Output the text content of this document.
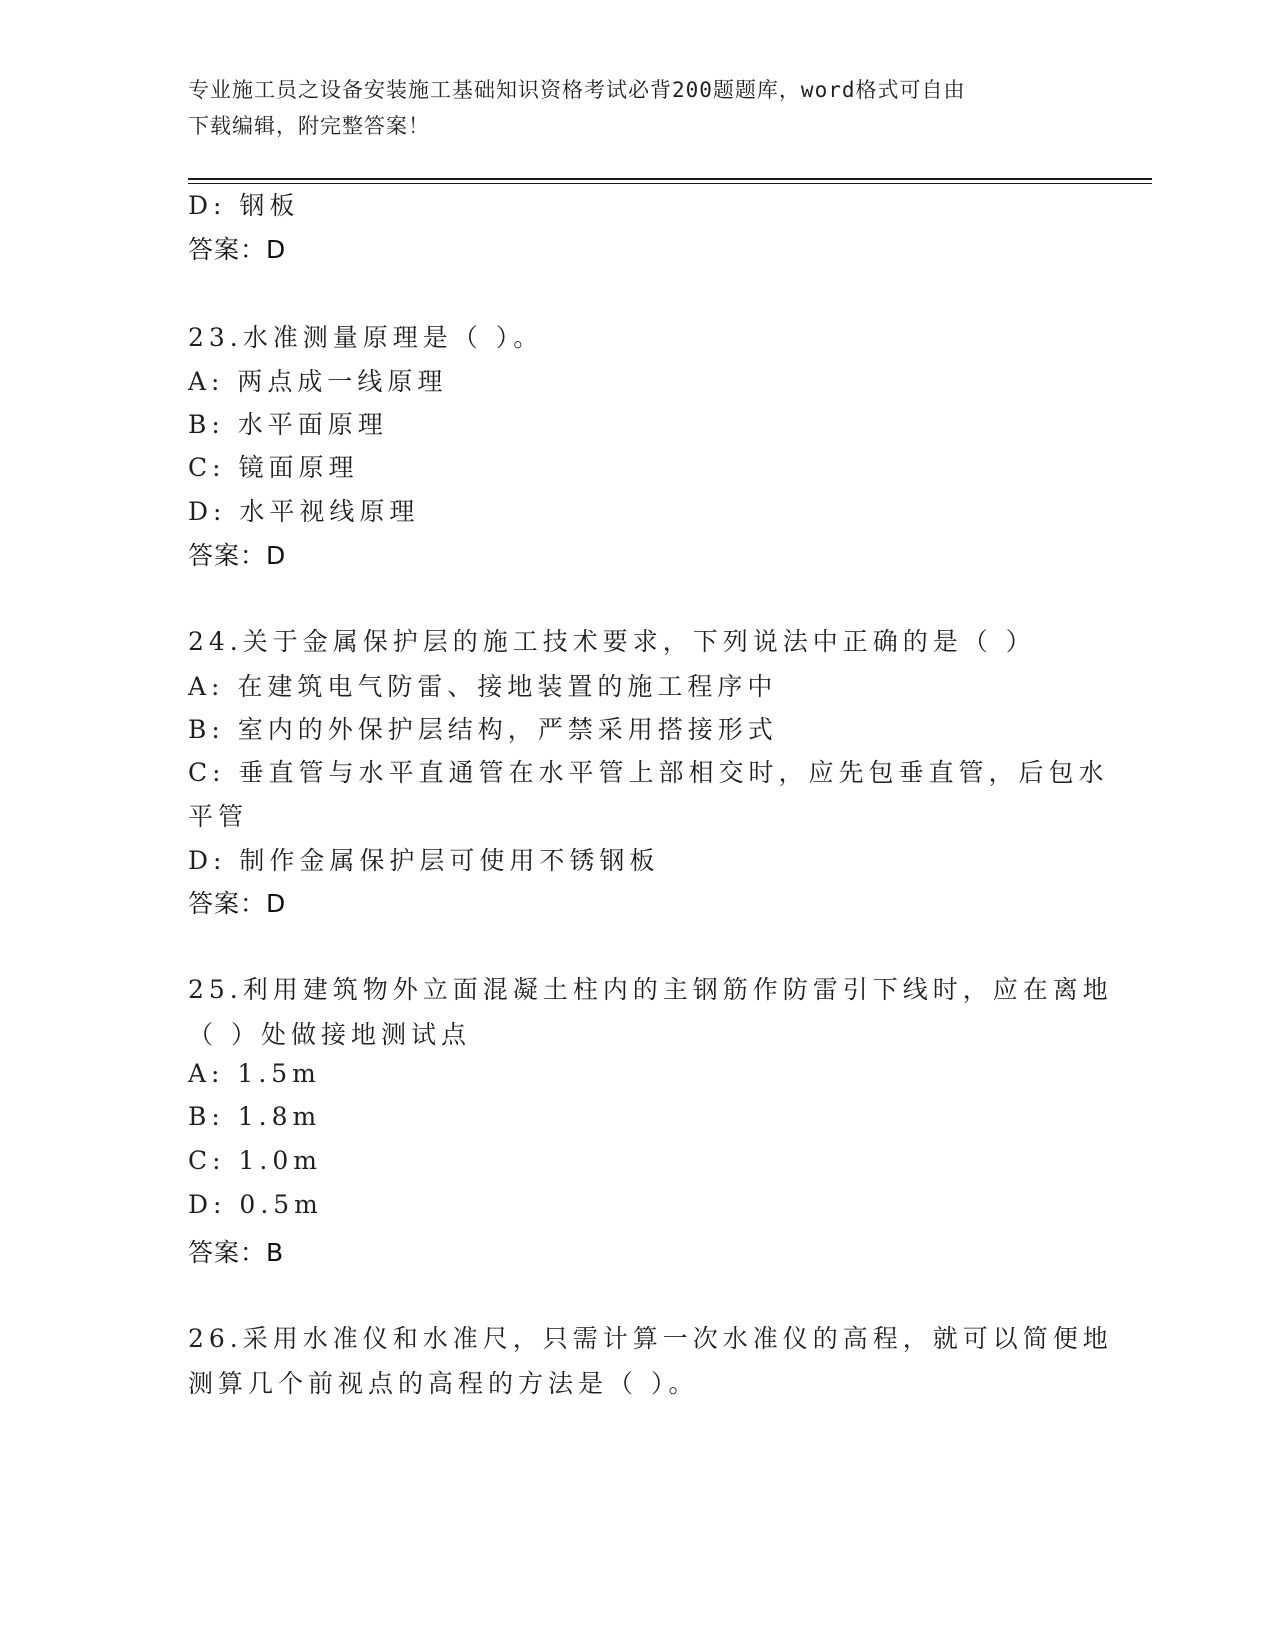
专业施工员之设备安装施工基础知识资格考试必背200题题库，word格式可自由
下载编辑，附完整答案！
D: 钢板
答案：D
23.水准测量原理是（ ）。
A: 两点成一线原理
B: 水平面原理
C: 镜面原理
D: 水平视线原理
答案：D
24.关于金属保护层的施工技术要求，下列说法中正确的是（ ）
A: 在建筑电气防雷、接地装置的施工程序中
B: 室内的外保护层结构，严禁采用搭接形式
C: 垂直管与水平直通管在水平管上部相交时，应先包垂直管，后包水
平管
D: 制作金属保护层可使用不锈钢板
答案：D
25.利用建筑物外立面混凝土柱内的主钢筋作防雷引下线时，应在离地
（ ）处做接地测试点
A: 1.5m
B: 1.8m
C: 1.0m
D: 0.5m
答案：B
26.采用水准仪和水准尺，只需计算一次水准仪的高程，就可以简便地
测算几个前视点的高程的方法是（ ）。
